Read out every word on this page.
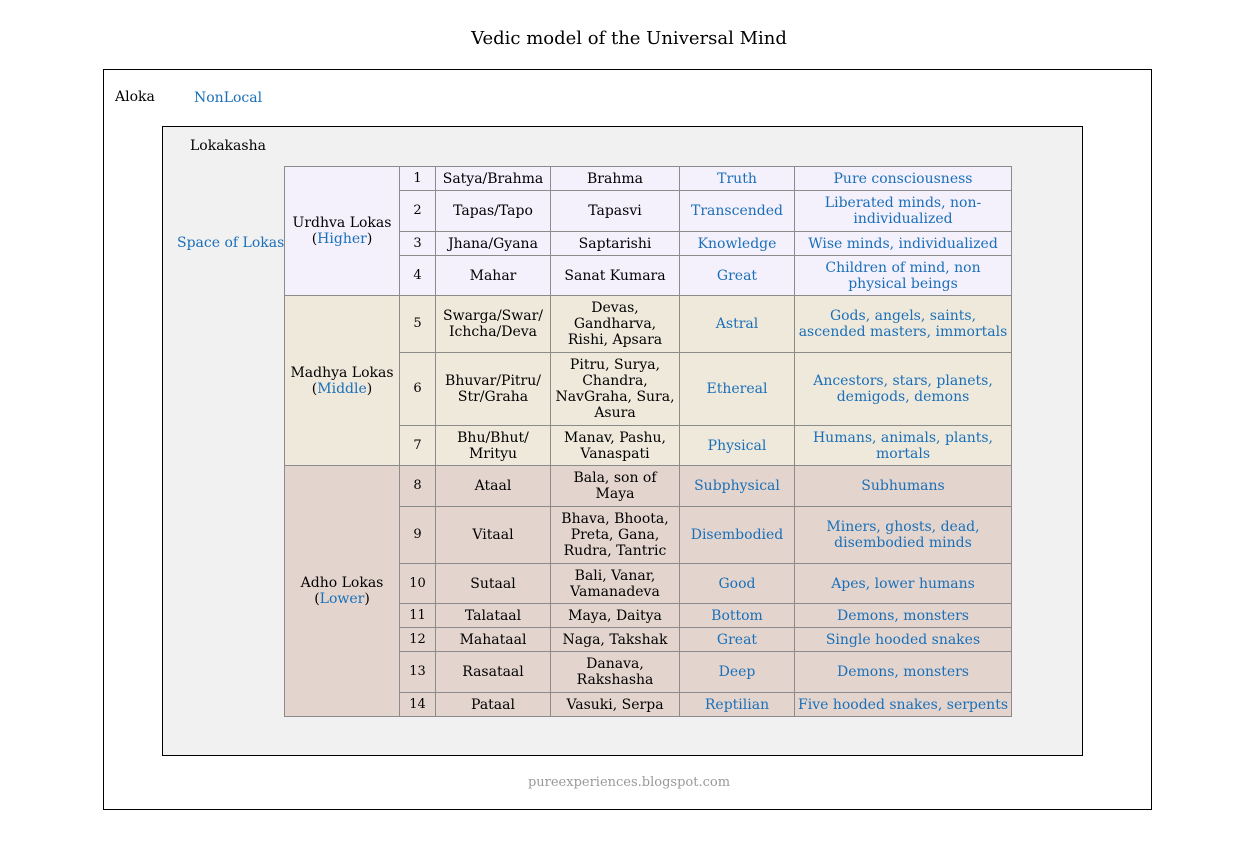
Vedic model of the Universal Mind
Aloka	NonLocal
Lokakasha
Space of Lokas
Urdhva Lokas
(Higher)	1	Satya/Brahma	Brahma	Truth	Pure consciousness
	2	Tapas/Tapo	Tapasvi	Transcended	Liberated minds, non-individualized
	3	Jhana/Gyana	Saptarishi	Knowledge	Wise minds, individualized
	4	Mahar	Sanat Kumara	Great	Children of mind, non physical beings
Madhya Lokas
(Middle)	5	Swarga/Swar/ Ichcha/Deva	Devas, Gandharva, Rishi, Apsara	Astral	Gods, angels, saints, ascended masters, immortals
	6	Bhuvar/Pitru/ Str/Graha	Pitru, Surya, Chandra, NavGraha, Sura, Asura	Ethereal	Ancestors, stars, planets, demigods, demons
	7	Bhu/Bhut/ Mrityu	Manav, Pashu, Vanaspati	Physical	Humans, animals, plants, mortals
Adho Lokas
(Lower)	8	Ataal	Bala, son of Maya	Subphysical	Subhumans
	9	Vitaal	Bhava, Bhoota, Preta, Gana, Rudra, Tantric	Disembodied	Miners, ghosts, dead, disembodied minds
	10	Sutaal	Bali, Vanar, Vamanadeva	Good	Apes, lower humans
	11	Talataal	Maya, Daitya	Bottom	Demons, monsters
	12	Mahataal	Naga, Takshak	Great	Single hooded snakes
	13	Rasataal	Danava, Rakshasha	Deep	Demons, monsters
	14	Pataal	Vasuki, Serpa	Reptilian	Five hooded snakes, serpents
pureexperiences.blogspot.com
